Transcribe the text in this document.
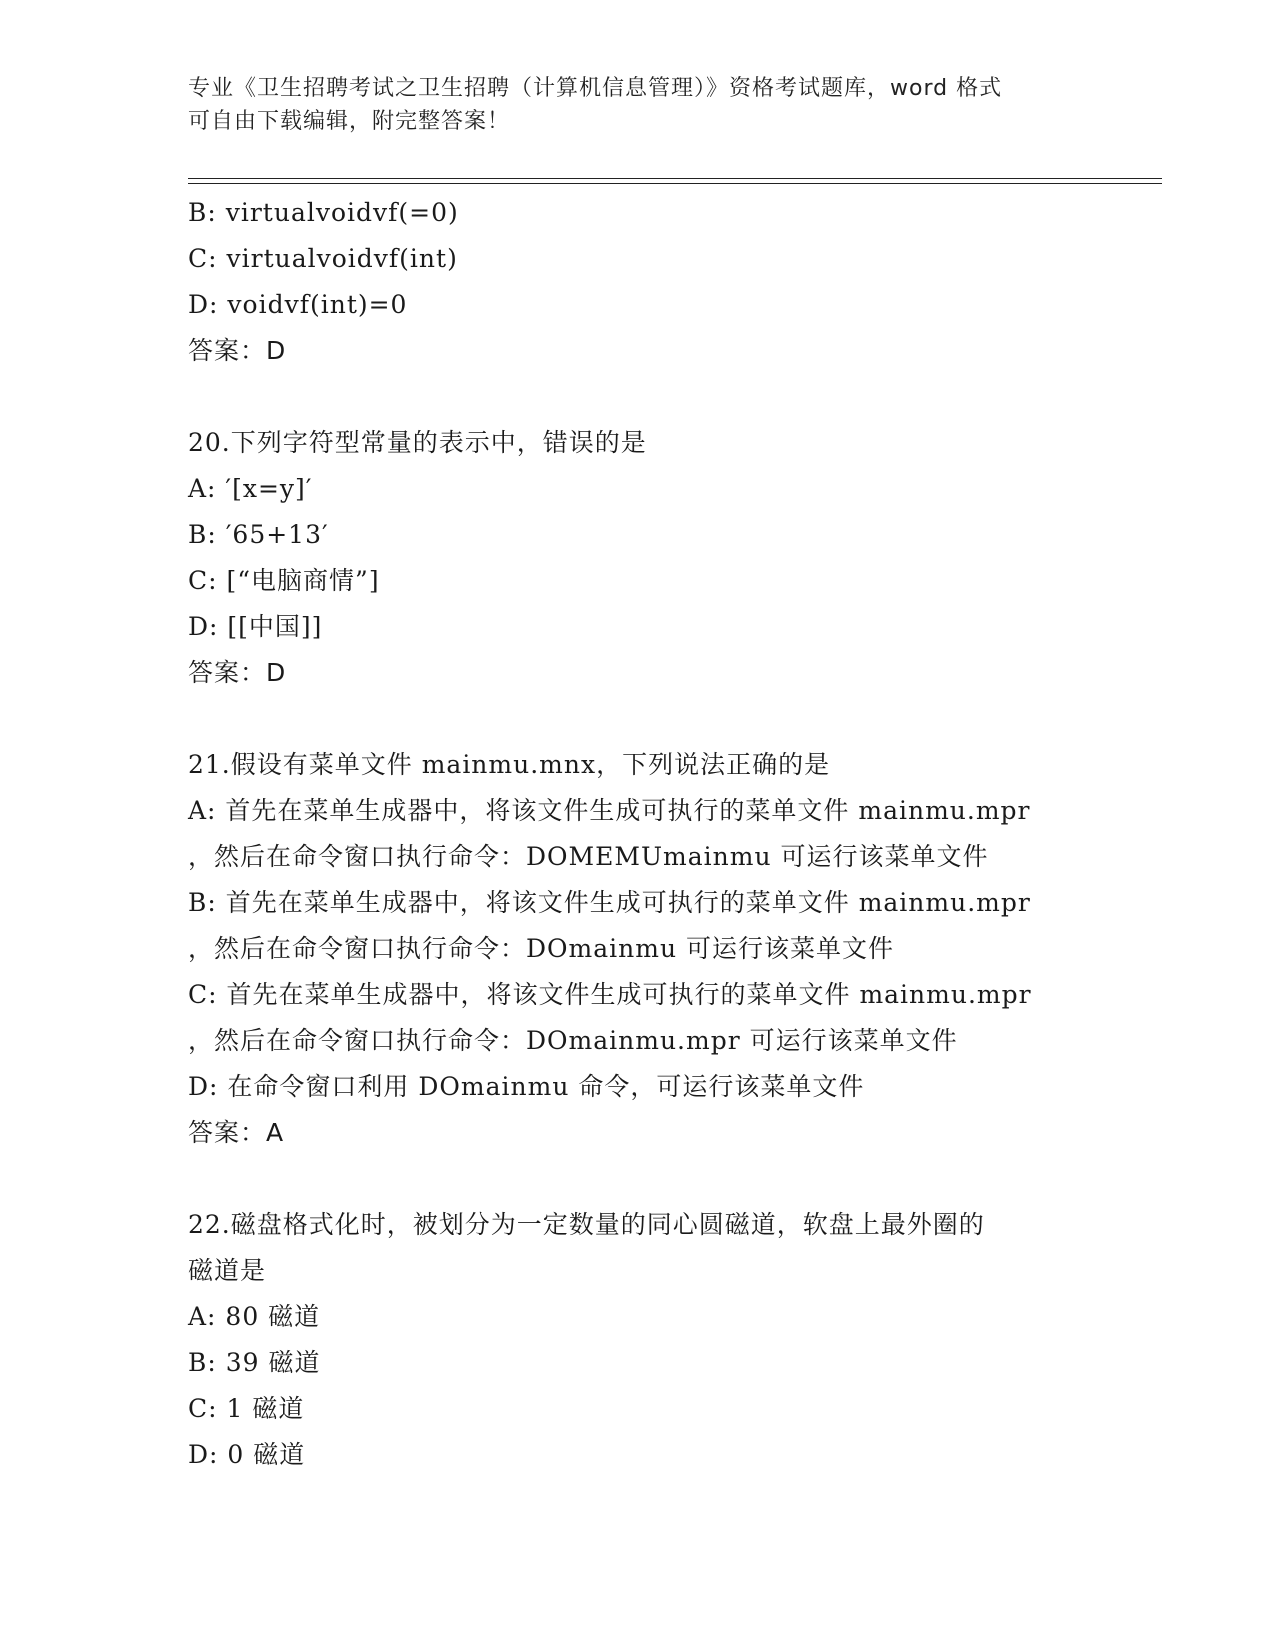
专业《卫生招聘考试之卫生招聘（计算机信息管理）》资格考试题库，word 格式
可自由下载编辑，附完整答案！
B: virtualvoidvf(=0)
C: virtualvoidvf(int)
D: voidvf(int)=0
答案：D
20.下列字符型常量的表示中，错误的是
A: ′[x=y]′
B: ′65+13′
C: [“电脑商情”]
D: [[中国]]
答案：D
21.假设有菜单文件 mainmu.mnx，下列说法正确的是
A: 首先在菜单生成器中，将该文件生成可执行的菜单文件 mainmu.mpr
，然后在命令窗口执行命令：DOMEMUmainmu 可运行该菜单文件
B: 首先在菜单生成器中，将该文件生成可执行的菜单文件 mainmu.mpr
，然后在命令窗口执行命令：DOmainmu 可运行该菜单文件
C: 首先在菜单生成器中，将该文件生成可执行的菜单文件 mainmu.mpr
，然后在命令窗口执行命令：DOmainmu.mpr 可运行该菜单文件
D: 在命令窗口利用 DOmainmu 命令，可运行该菜单文件
答案：A
22.磁盘格式化时，被划分为一定数量的同心圆磁道，软盘上最外圈的
磁道是
A: 80 磁道
B: 39 磁道
C: 1 磁道
D: 0 磁道
